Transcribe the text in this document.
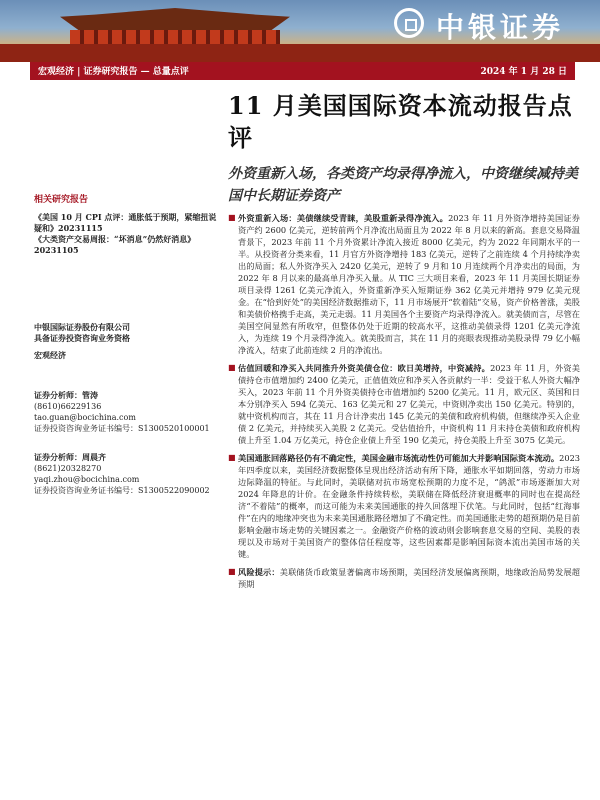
中银证券
宏观经济 | 证券研究报告 — 总量点评	2024 年 1 月 28 日
11 月美国国际资本流动报告点评
外资重新入场，各类资产均录得净流入，中资继续减持美国中长期证券资产
相关研究报告
《美国 10 月 CPI 点评：通胀低于预期，紧缩扭说疑和》20231115
《大类资产交易周报：“坏消息”仍然好消息》20231105
中银国际证券股份有限公司
具备证券投资咨询业务资格
宏观经济
证券分析师：管涛
(8610)66229136
tao.guan@bocichina.com
证券投资咨询业务证书编号：S1300520100001
证券分析师：周晨齐
(8621)20328270
yaqi.zhou@bocichina.com
证券投资咨询业务证书编号：S1300522090002
■ 外资重新入场：美债继续受青睐，美股重新录得净流入。2023 年 11 月外资净增持美国证券资产约 2600 亿美元，逆转前两个月净流出局面且为 2022 年 8 月以来的新高。套息交易降温背景下，2023 年前 11 个月外资累计净流入接近 8000 亿美元，约为 2022 年同期水平的一半。从投资者分类来看，11 月官方外资净增持 183 亿美元，逆转了之前连续 4 个月持续净卖出的局面；私人外资净买入 2420 亿美元，逆转了 9 月和 10 月连续两个月净卖出的局面，为 2022 年 8 月以来的最高单月净买入量。从 TIC 三大项目来看，2023 年 11 月美国长期证券项目录得 1261 亿美元净流入，外资重新净买入短期证券 362 亿美元并增持 979 亿美元现金。在“恰到好处”的美国经济数据推动下，11 月市场展开“软着陆”交易，资产价格普涨，美股和美债价格携手走高，美元走弱。11 月美国各个主要资产均录得净流入。就美债而言，尽管在美国空间显然有所收窄，但整体仍处于近期的较高水平，这推动美债录得 1201 亿美元净流入，为连续 19 个月录得净流入。就美股而言，其在 11 月的亮眼表现推动美股录得 79 亿小幅净流入，结束了此前连续 2 月的净流出。
■ 估值回暖和净买入共同推升外资美债仓位：欧日美增持，中资减持。2023 年 11 月，外资美债持仓市值增加约 2400 亿美元，正值值效应和净买入各贡献约一半：受益于私人外资大幅净买入，2023 年前 11 个月外资美债持仓市值增加约 5200 亿美元。11 月，欧元区、英国和日本分别净买入 594 亿美元、163 亿美元和 27 亿美元，中资则净卖出 150 亿美元。特别的，就中资机构而言，其在 11 月合计净卖出 145 亿美元的美债和政府机构债，但继续净买入企业债 2 亿美元，并持续买入美股 2 亿美元。受估值抬升，中资机构 11 月末持仓美债和政府机构债上升至 1.04 万亿美元，持仓企业债上升至 190 亿美元，持仓美股上升至 3075 亿美元。
■ 美国通胀回落路径仍有不确定性，美国金融市场流动性仍可能加大并影响国际资本流动。2023 年四季度以来，美国经济数据整体呈现出经济活动有所下降，通胀水平如期回落，劳动力市场边际降温的特征。与此同时，美联储对抗市场宽松预期的力度不足，“鸽派”市场逐渐加大对 2024 年降息的计价。在金融条件持续转松，美联储在降低经济衰退概率的同时也在提高经济“不着陆”的概率，而这可能为未来美国通胀的持久回落埋下伏笔。与此同时，包括“红海事件”在内的地缘冲突也为未来美国通胀路径增加了不确定性。而美国通胀走势的超预期仍是目前影响金融市场走势的关键因素之一。金融资产价格的波动则会影响套息交易的空间、美股的表现以及市场对于美国资产的整体信任程度等，这些因素都是影响国际资本流出美国市场的关键。
■ 风险提示：美联储货币政策显著偏离市场预期，美国经济发展偏离预期，地缘政治局势发展超预期
